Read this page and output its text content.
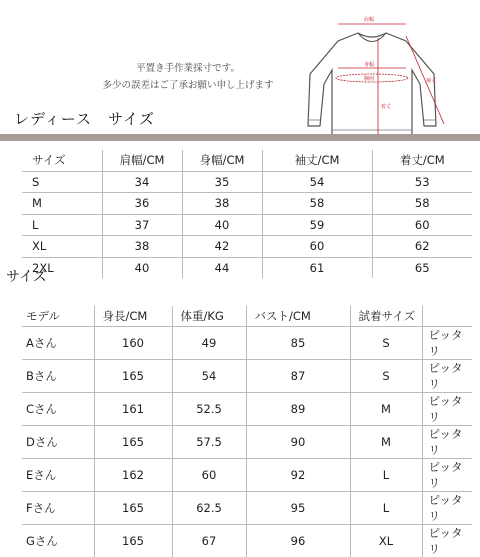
平置き手作業採寸です。
多少の誤差はご了承お願い申し上げます
肩幅
身幅
胸囲	袖丈
着丈
レディース　サイズ
サイズ	肩幅/CM	身幅/CM	袖丈/CM	着丈/CM
S	34	35	54	53
M	36	38	58	58
L	37	40	59	60
XL	38	42	60	62
2XL	40	44	61	65
サイズ
モデル	身長/CM	体重/KG	バスト/CM	試着サイズ	
Aさん	160	49	85	S	ピッタリ
Bさん	165	54	87	S	ピッタリ
Cさん	161	52.5	89	M	ピッタリ
Dさん	165	57.5	90	M	ピッタリ
Eさん	162	60	92	L	ピッタリ
Fさん	165	62.5	95	L	ピッタリ
Gさん	165	67	96	XL	ピッタリ
